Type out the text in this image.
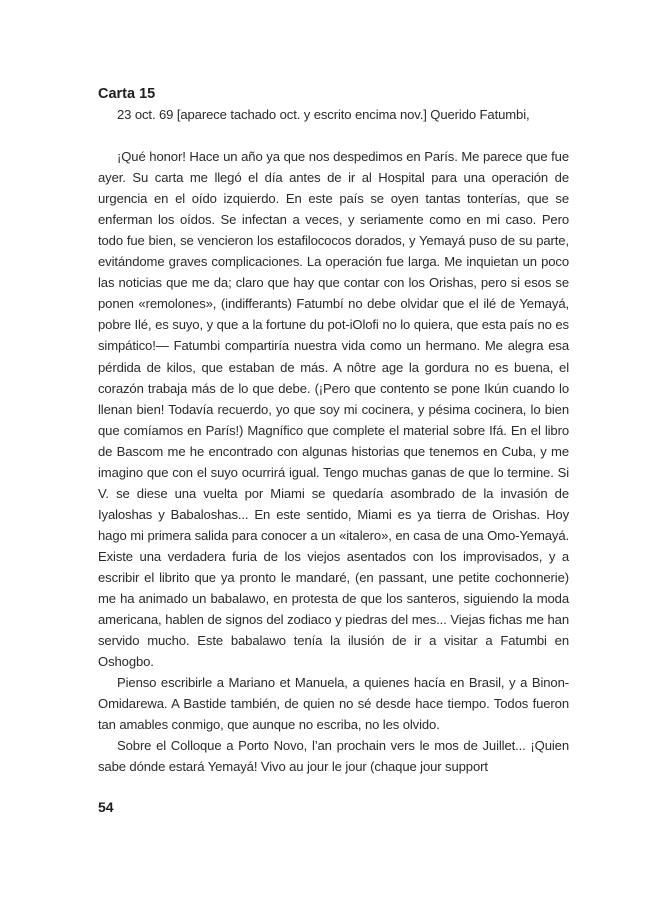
Carta 15

23 oct. 69 [aparece tachado oct. y escrito encima nov.] Querido Fatumbi,

¡Qué honor! Hace un año ya que nos despedimos en París. Me parece que fue ayer. Su carta me llegó el día antes de ir al Hospital para una operación de urgencia en el oído izquierdo. En este país se oyen tantas tonterías, que se enferman los oídos. Se infectan a veces, y seriamente como en mi caso. Pero todo fue bien, se vencieron los estafilococos dorados, y Yemayá puso de su parte, evitándome graves complicaciones. La operación fue larga. Me inquietan un poco las noticias que me da; claro que hay que contar con los Orishas, pero si esos se ponen «remolones», (indifferants) Fatumbí no debe olvidar que el ilé de Yemayá, pobre Ilé, es suyo, y que a la fortune du pot-iOlofi no lo quiera, que esta país no es simpático!— Fatumbi compartiría nuestra vida como un hermano. Me alegra esa pérdida de kilos, que estaban de más. A nôtre age la gordura no es buena, el corazón trabaja más de lo que debe. (¡Pero que contento se pone Ikún cuando lo llenan bien! Todavía recuerdo, yo que soy mi cocinera, y pésima cocinera, lo bien que comíamos en París!) Magnífico que complete el material sobre Ifá. En el libro de Bascom me he encontrado con algunas historias que tenemos en Cuba, y me imagino que con el suyo ocurrirá igual. Tengo muchas ganas de que lo termine. Si V. se diese una vuelta por Miami se quedaría asombrado de la invasión de Iyaloshas y Babaloshas... En este sentido, Miami es ya tierra de Orishas. Hoy hago mi primera salida para conocer a un «italero», en casa de una Omo-Yemayá. Existe una verdadera furia de los viejos asentados con los improvisados, y a escribir el librito que ya pronto le mandaré, (en passant, une petite cochonnerie) me ha animado un babalawo, en protesta de que los santeros, siguiendo la moda americana, hablen de signos del zodiaco y piedras del mes... Viejas fichas me han servido mucho. Este babalawo tenía la ilusión de ir a visitar a Fatumbi en Oshogbo.

Pienso escribirle a Mariano et Manuela, a quienes hacía en Brasil, y a Binon-Omidarewa. A Bastide también, de quien no sé desde hace tiempo. Todos fueron tan amables conmigo, que aunque no escriba, no les olvido.

Sobre el Colloque a Porto Novo, l’an prochain vers le mos de Juillet... ¡Quien sabe dónde estará Yemayá! Vivo au jour le jour (chaque jour support

54
